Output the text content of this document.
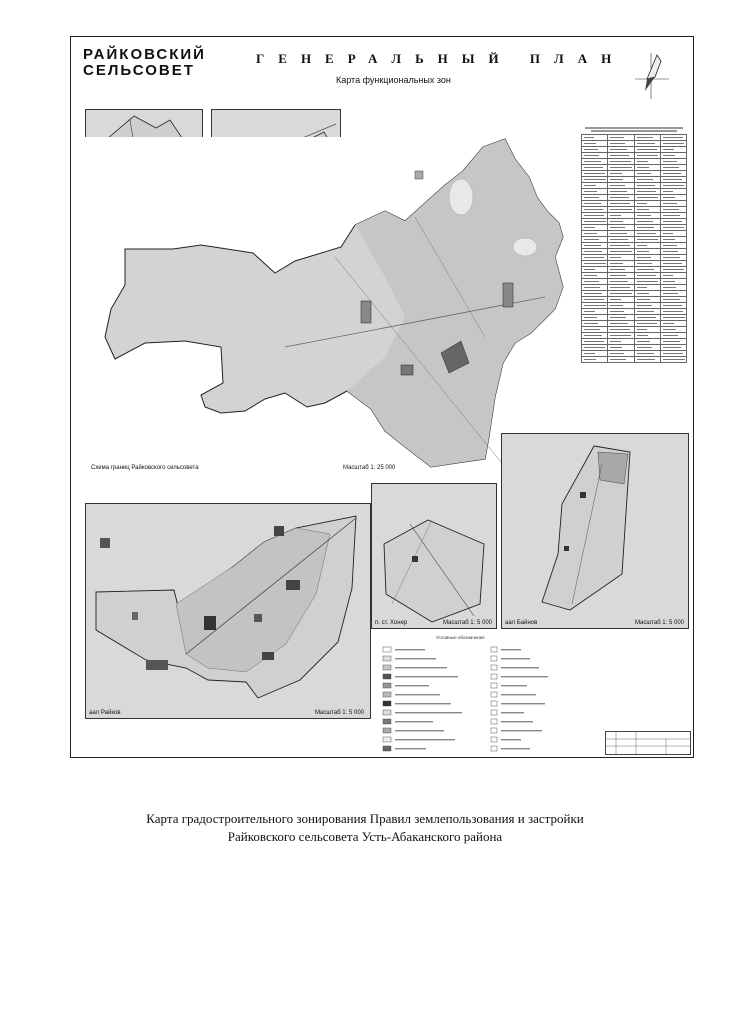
РАЙКОВСКИЙ
СЕЛЬСОВЕТ
ГЕНЕРАЛЬНЫЙ ПЛАН
Карта функциональных зон
Схема границ Райковского сельсовета	Масштаб 1: 25 000

аал Райков	Масштаб 1: 5 000
п. ст. Хонер	Масштаб 1: 5 000 аал Байнов	Масштаб 1: 5 000
Условные обозначения
Карта градостроительного зонирования Правил землепользования и застройки
Райковского сельсовета Усть-Абаканского района
